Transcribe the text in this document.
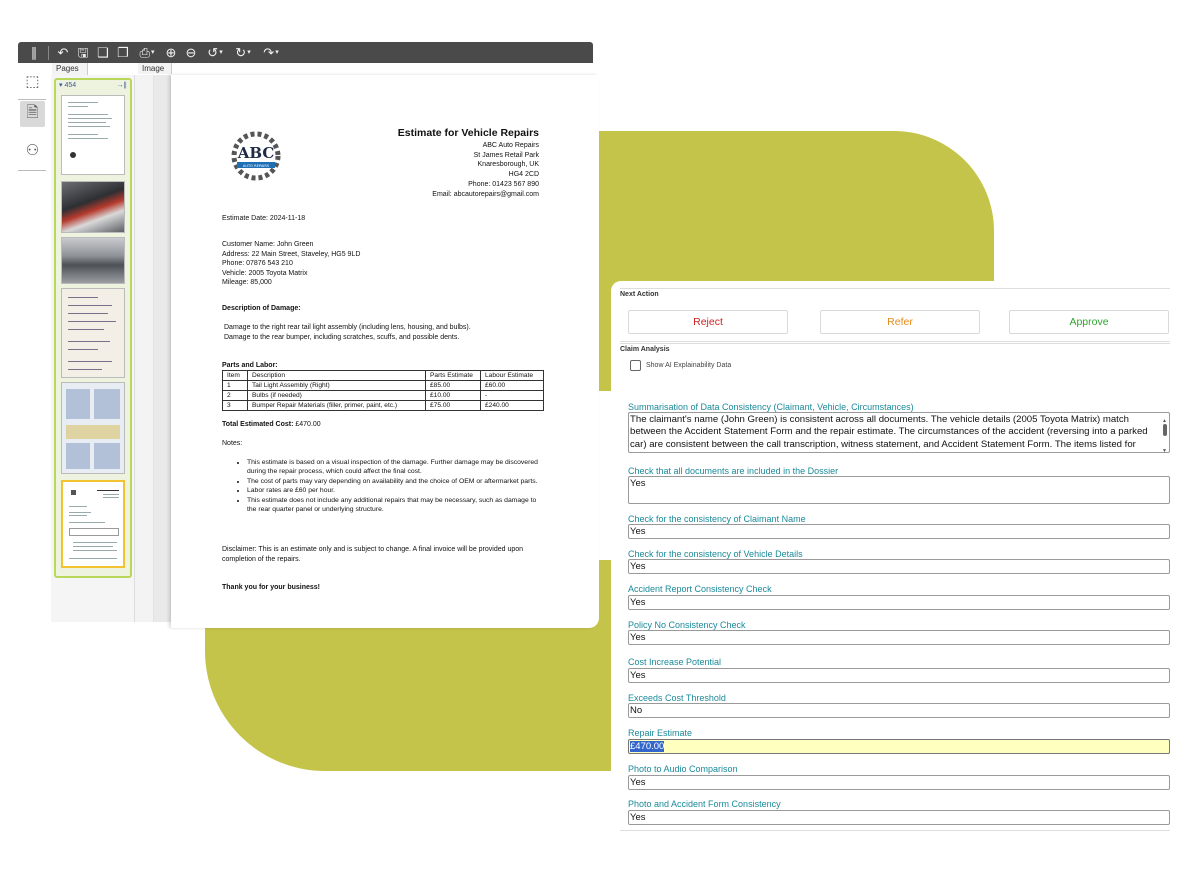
∥	↶ 🖫 ❑ ❐ ⎙ ▾ ⊕ ⊖ ↺ ▾ ↻ ▾ ↷ ▾
⬚
🗎
⚇
Pages	Image
▾ 454	→∥
ABC
AUTO REPAIRS
Estimate for Vehicle Repairs
ABC Auto Repairs
St James Retail Park
Knaresborough, UK
HG4 2CD
Phone: 01423 567 890
Email: abcautorepairs@gmail.com
Estimate Date: 2024-11-18
Customer Name: John Green
Address: 22 Main Street, Staveley, HG5 9LD
Phone: 07876 543 210
Vehicle: 2005 Toyota Matrix
Mileage: 85,000
Description of Damage:
Damage to the right rear tail light assembly (including lens, housing, and bulbs).
Damage to the rear bumper, including scratches, scuffs, and possible dents.
Parts and Labor:
Item	Description	Parts Estimate	Labour Estimate
1	Tail Light Assembly (Right)	£85.00	£60.00
2	Bulbs (if needed)	£10.00	-
3	Bumper Repair Materials (filler, primer, paint, etc.)	£75.00	£240.00
Total Estimated Cost: £470.00
Notes:
• This estimate is based on a visual inspection of the damage. Further damage may be discovered during the repair process, which could affect the final cost.
• The cost of parts may vary depending on availability and the choice of OEM or aftermarket parts.
• Labor rates are £60 per hour.
• This estimate does not include any additional repairs that may be necessary, such as damage to the rear quarter panel or underlying structure.
Disclaimer: This is an estimate only and is subject to change. A final invoice will be provided upon completion of the repairs.
Thank you for your business!
Next Action
Reject	Refer	Approve
Claim Analysis
Show AI Explainability Data
Summarisation of Data Consistency (Claimant, Vehicle, Circumstances)
The claimant's name (John Green) is consistent across all documents. The vehicle details (2005 Toyota Matrix) match between the Accident Statement Form and the repair estimate. The circumstances of the accident (reversing into a parked car) are consistent between the call transcription, witness statement, and Accident Statement Form. The items listed for
▲
▼
Check that all documents are included in the Dossier
Yes
Check for the consistency of Claimant Name
Yes
Check for the consistency of Vehicle Details
Yes
Accident Report Consistency Check
Yes
Policy No Consistency Check
Yes
Cost Increase Potential
Yes
Exceeds Cost Threshold
No
Repair Estimate
£470.00
Photo to Audio Comparison
Yes
Photo and Accident Form Consistency
Yes
